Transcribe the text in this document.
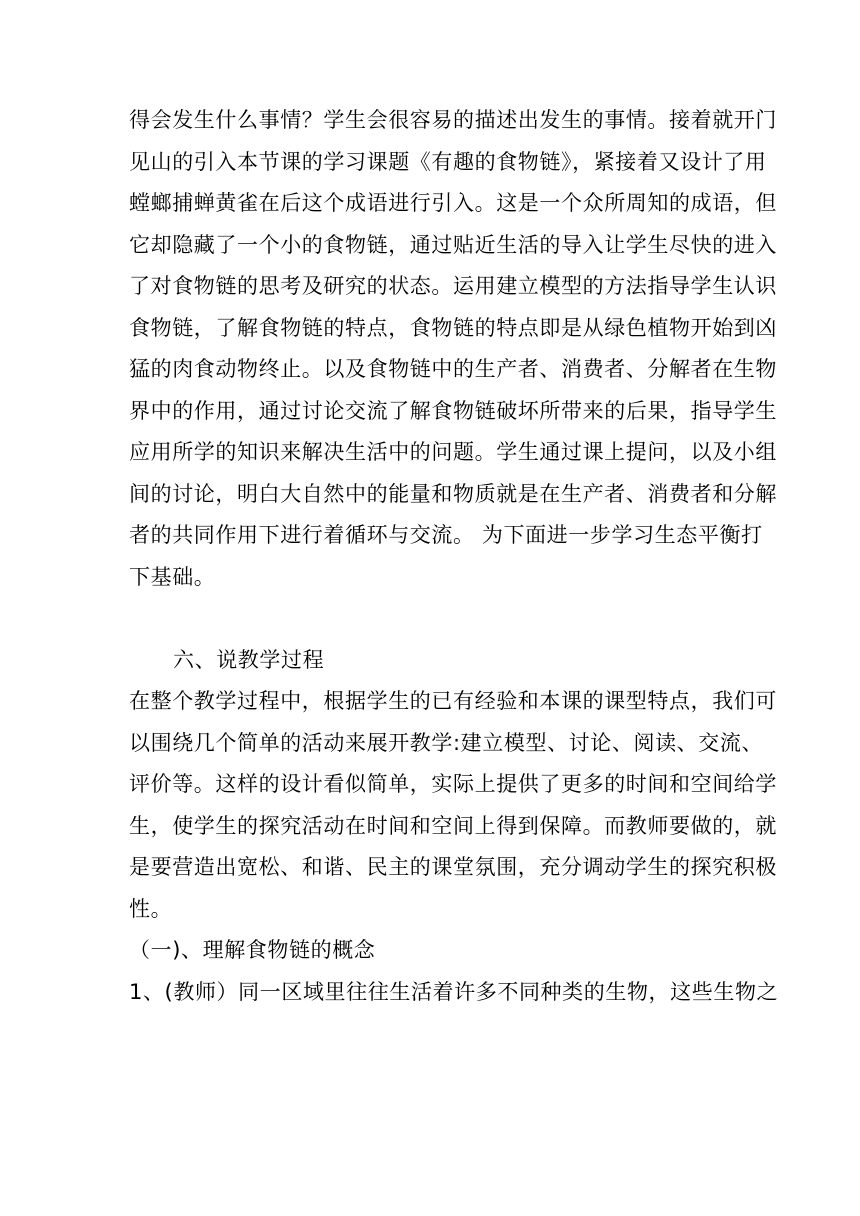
得会发生什么事情？学生会很容易的描述出发生的事情。接着就开门
见山的引入本节课的学习课题《有趣的食物链》，紧接着又设计了用
螳螂捕蝉黄雀在后这个成语进行引入。这是一个众所周知的成语，但
它却隐藏了一个小的食物链，通过贴近生活的导入让学生尽快的进入
了对食物链的思考及研究的状态。运用建立模型的方法指导学生认识
食物链，了解食物链的特点，食物链的特点即是从绿色植物开始到凶
猛的肉食动物终止。以及食物链中的生产者、消费者、分解者在生物
界中的作用，通过讨论交流了解食物链破坏所带来的后果，指导学生
应用所学的知识来解决生活中的问题。学生通过课上提问，以及小组
间的讨论，明白大自然中的能量和物质就是在生产者、消费者和分解
者的共同作用下进行着循环与交流。 为下面进一步学习生态平衡打
下基础。
六、说教学过程
在整个教学过程中，根据学生的已有经验和本课的课型特点，我们可
以围绕几个简单的活动来展开教学:建立模型、讨论、阅读、交流、
评价等。这样的设计看似简单，实际上提供了更多的时间和空间给学
生，使学生的探究活动在时间和空间上得到保障。而教师要做的，就
是要营造出宽松、和谐、民主的课堂氛围，充分调动学生的探究积极
性。
（一)、理解食物链的概念
1、(教师）同一区域里往往生活着许多不同种类的生物，这些生物之
